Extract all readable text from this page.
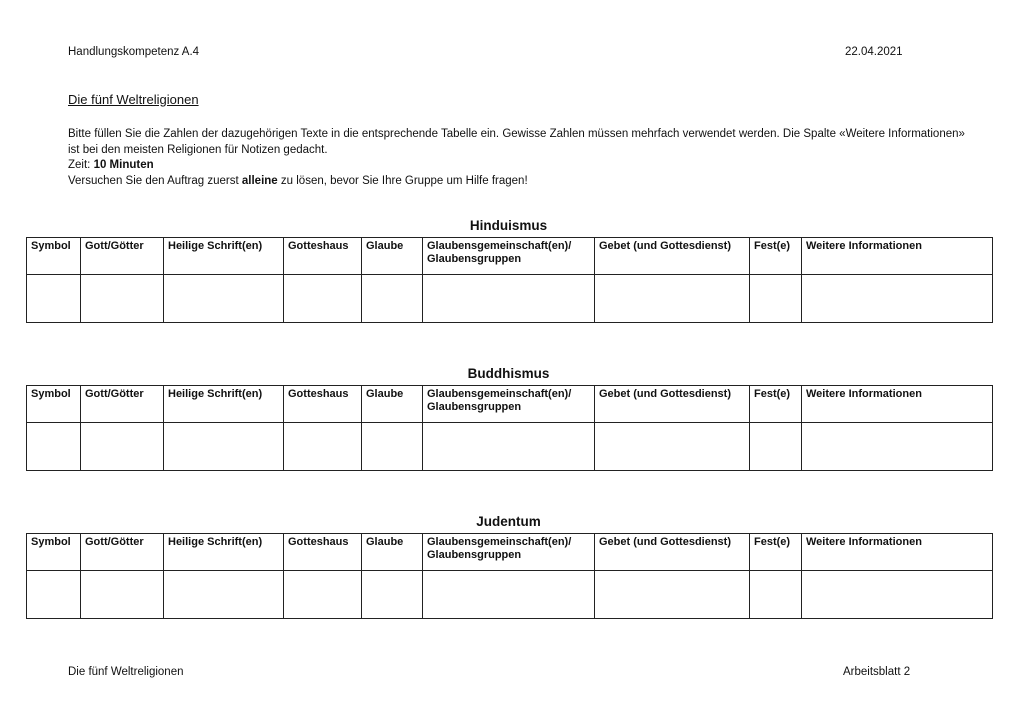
Handlungskompetenz A.4	22.04.2021
Die fünf Weltreligionen

Bitte füllen Sie die Zahlen der dazugehörigen Texte in die entsprechende Tabelle ein. Gewisse Zahlen müssen mehrfach verwendet werden. Die Spalte «Weitere Informationen» ist bei den meisten Religionen für Notizen gedacht.

Zeit: 10 Minuten

Versuchen Sie den Auftrag zuerst alleine zu lösen, bevor Sie Ihre Gruppe um Hilfe fragen!

Hinduismus
Symbol	Gott/Götter	Heilige Schrift(en)	Gotteshaus	Glaube	Glaubensgemeinschaft(en)/ Glaubensgruppen	Gebet (und Gottesdienst)	Fest(e)	Weitere Informationen

Buddhismus
Symbol	Gott/Götter	Heilige Schrift(en)	Gotteshaus	Glaube	Glaubensgemeinschaft(en)/ Glaubensgruppen	Gebet (und Gottesdienst)	Fest(e)	Weitere Informationen

Judentum
Symbol	Gott/Götter	Heilige Schrift(en)	Gotteshaus	Glaube	Glaubensgemeinschaft(en)/ Glaubensgruppen	Gebet (und Gottesdienst)	Fest(e)	Weitere Informationen

Die fünf Weltreligionen	Arbeitsblatt 2
